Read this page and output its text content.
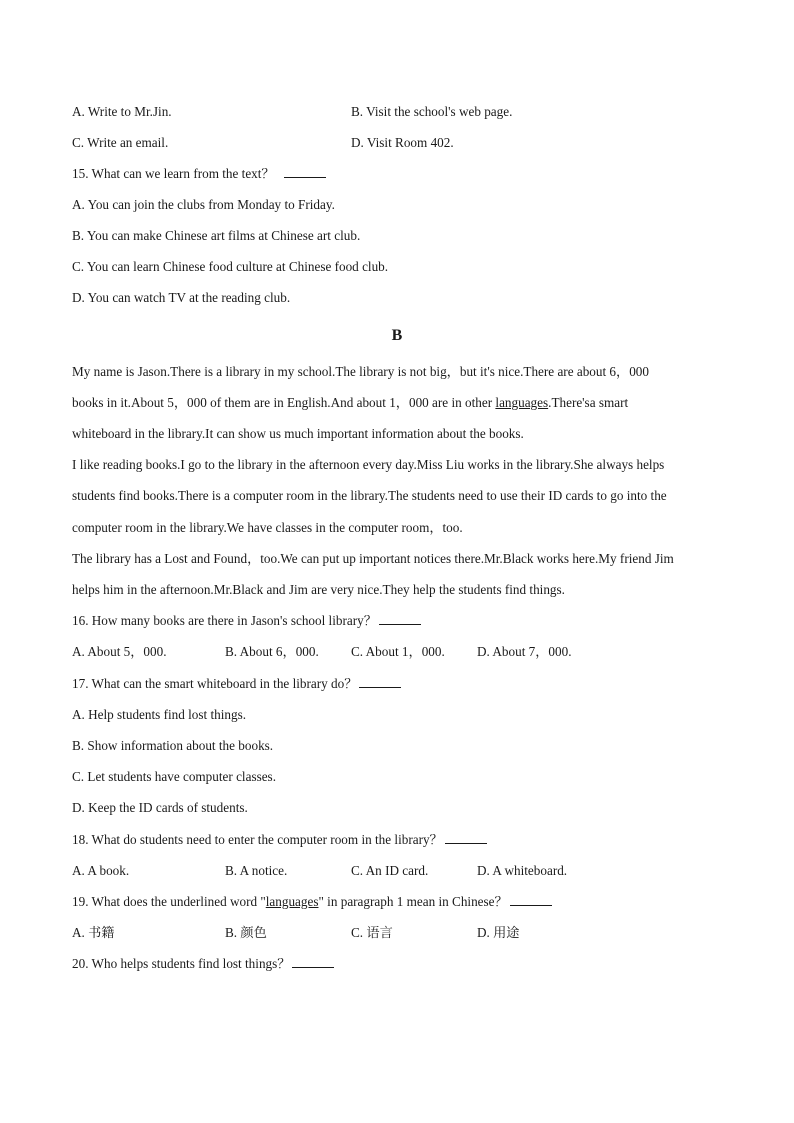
A. Write to Mr.Jin.	B. Visit the school's web page.
C. Write an email.	D. Visit Room 402.
15. What can we learn from the text？
A. You can join the clubs from Monday to Friday.
B. You can make Chinese art films at Chinese art club.
C. You can learn Chinese food culture at Chinese food club.
D. You can watch TV at the reading club.
B
My name is Jason.There is a library in my school.The library is not big，but it's nice.There are about 6，000
books in it.About 5，000 of them are in English.And about 1，000 are in other languages.There'sa smart
whiteboard in the library.It can show us much important information about the books.
I like reading books.I go to the library in the afternoon every day.Miss Liu works in the library.She always helps
students find books.There is a computer room in the library.The students need to use their ID cards to go into the
computer room in the library.We have classes in the computer room，too.
The library has a Lost and Found，too.We can put up important notices there.Mr.Black works here.My friend Jim
helps him in the afternoon.Mr.Black and Jim are very nice.They help the students find things.
16. How many books are there in Jason's school library？
A. About 5，000.	B. About 6，000. C. About 1，000. D. About 7，000.
17. What can the smart whiteboard in the library do？
A. Help students find lost things.
B. Show information about the books.
C. Let students have computer classes.
D. Keep the ID cards of students.
18. What do students need to enter the computer room in the library？
A. A book.	B. A notice.	C. An ID card.	D. A whiteboard.
19. What does the underlined word "languages" in paragraph 1 mean in Chinese？
A. 书籍	B. 颜色	C. 语言	D. 用途
20. Who helps students find lost things？
